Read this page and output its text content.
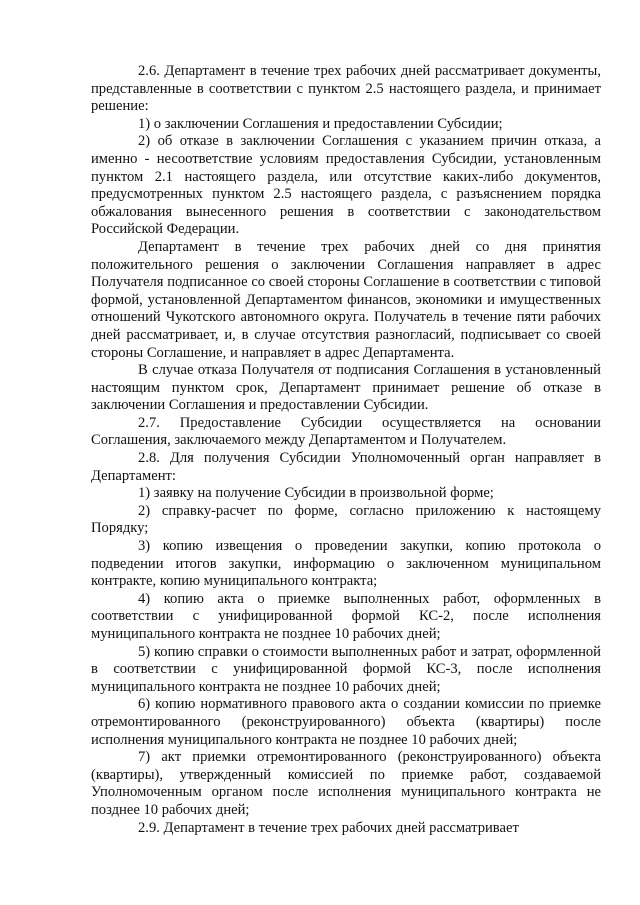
2.6. Департамент в течение трех рабочих дней рассматривает документы, представленные в соответствии с пунктом 2.5 настоящего раздела, и принимает решение:

1) о заключении Соглашения и предоставлении Субсидии;

2) об отказе в заключении Соглашения с указанием причин отказа, а именно - несоответствие условиям предоставления Субсидии, установленным пунктом 2.1 настоящего раздела, или отсутствие каких-либо документов, предусмотренных пунктом 2.5 настоящего раздела, с разъяснением порядка обжалования вынесенного решения в соответствии с законодательством Российской Федерации.

Департамент в течение трех рабочих дней со дня принятия положительного решения о заключении Соглашения направляет в адрес Получателя подписанное со своей стороны Соглашение в соответствии с типовой формой, установленной Департаментом финансов, экономики и имущественных отношений Чукотского автономного округа. Получатель в течение пяти рабочих дней рассматривает, и, в случае отсутствия разногласий, подписывает со своей стороны Соглашение, и направляет в адрес Департамента.

В случае отказа Получателя от подписания Соглашения в установленный настоящим пунктом срок, Департамент принимает решение об отказе в заключении Соглашения и предоставлении Субсидии.

2.7. Предоставление Субсидии осуществляется на основании Соглашения, заключаемого между Департаментом и Получателем.

2.8. Для получения Субсидии Уполномоченный орган направляет в Департамент:

1) заявку на получение Субсидии в произвольной форме;

2) справку-расчет по форме, согласно приложению к настоящему Порядку;

3) копию извещения о проведении закупки, копию протокола о подведении итогов закупки, информацию о заключенном муниципальном контракте, копию муниципального контракта;

4) копию акта о приемке выполненных работ, оформленных в соответствии с унифицированной формой КС-2, после исполнения муниципального контракта не позднее 10 рабочих дней;

5) копию справки о стоимости выполненных работ и затрат, оформленной в соответствии с унифицированной формой КС-3, после исполнения муниципального контракта не позднее 10 рабочих дней;

6) копию нормативного правового акта о создании комиссии по приемке отремонтированного (реконструированного) объекта (квартиры) после исполнения муниципального контракта не позднее 10 рабочих дней;

7) акт приемки отремонтированного (реконструированного) объекта (квартиры), утвержденный комиссией по приемке работ, создаваемой Уполномоченным органом после исполнения муниципального контракта не позднее 10 рабочих дней;

2.9. Департамент в течение трех рабочих дней рассматривает
